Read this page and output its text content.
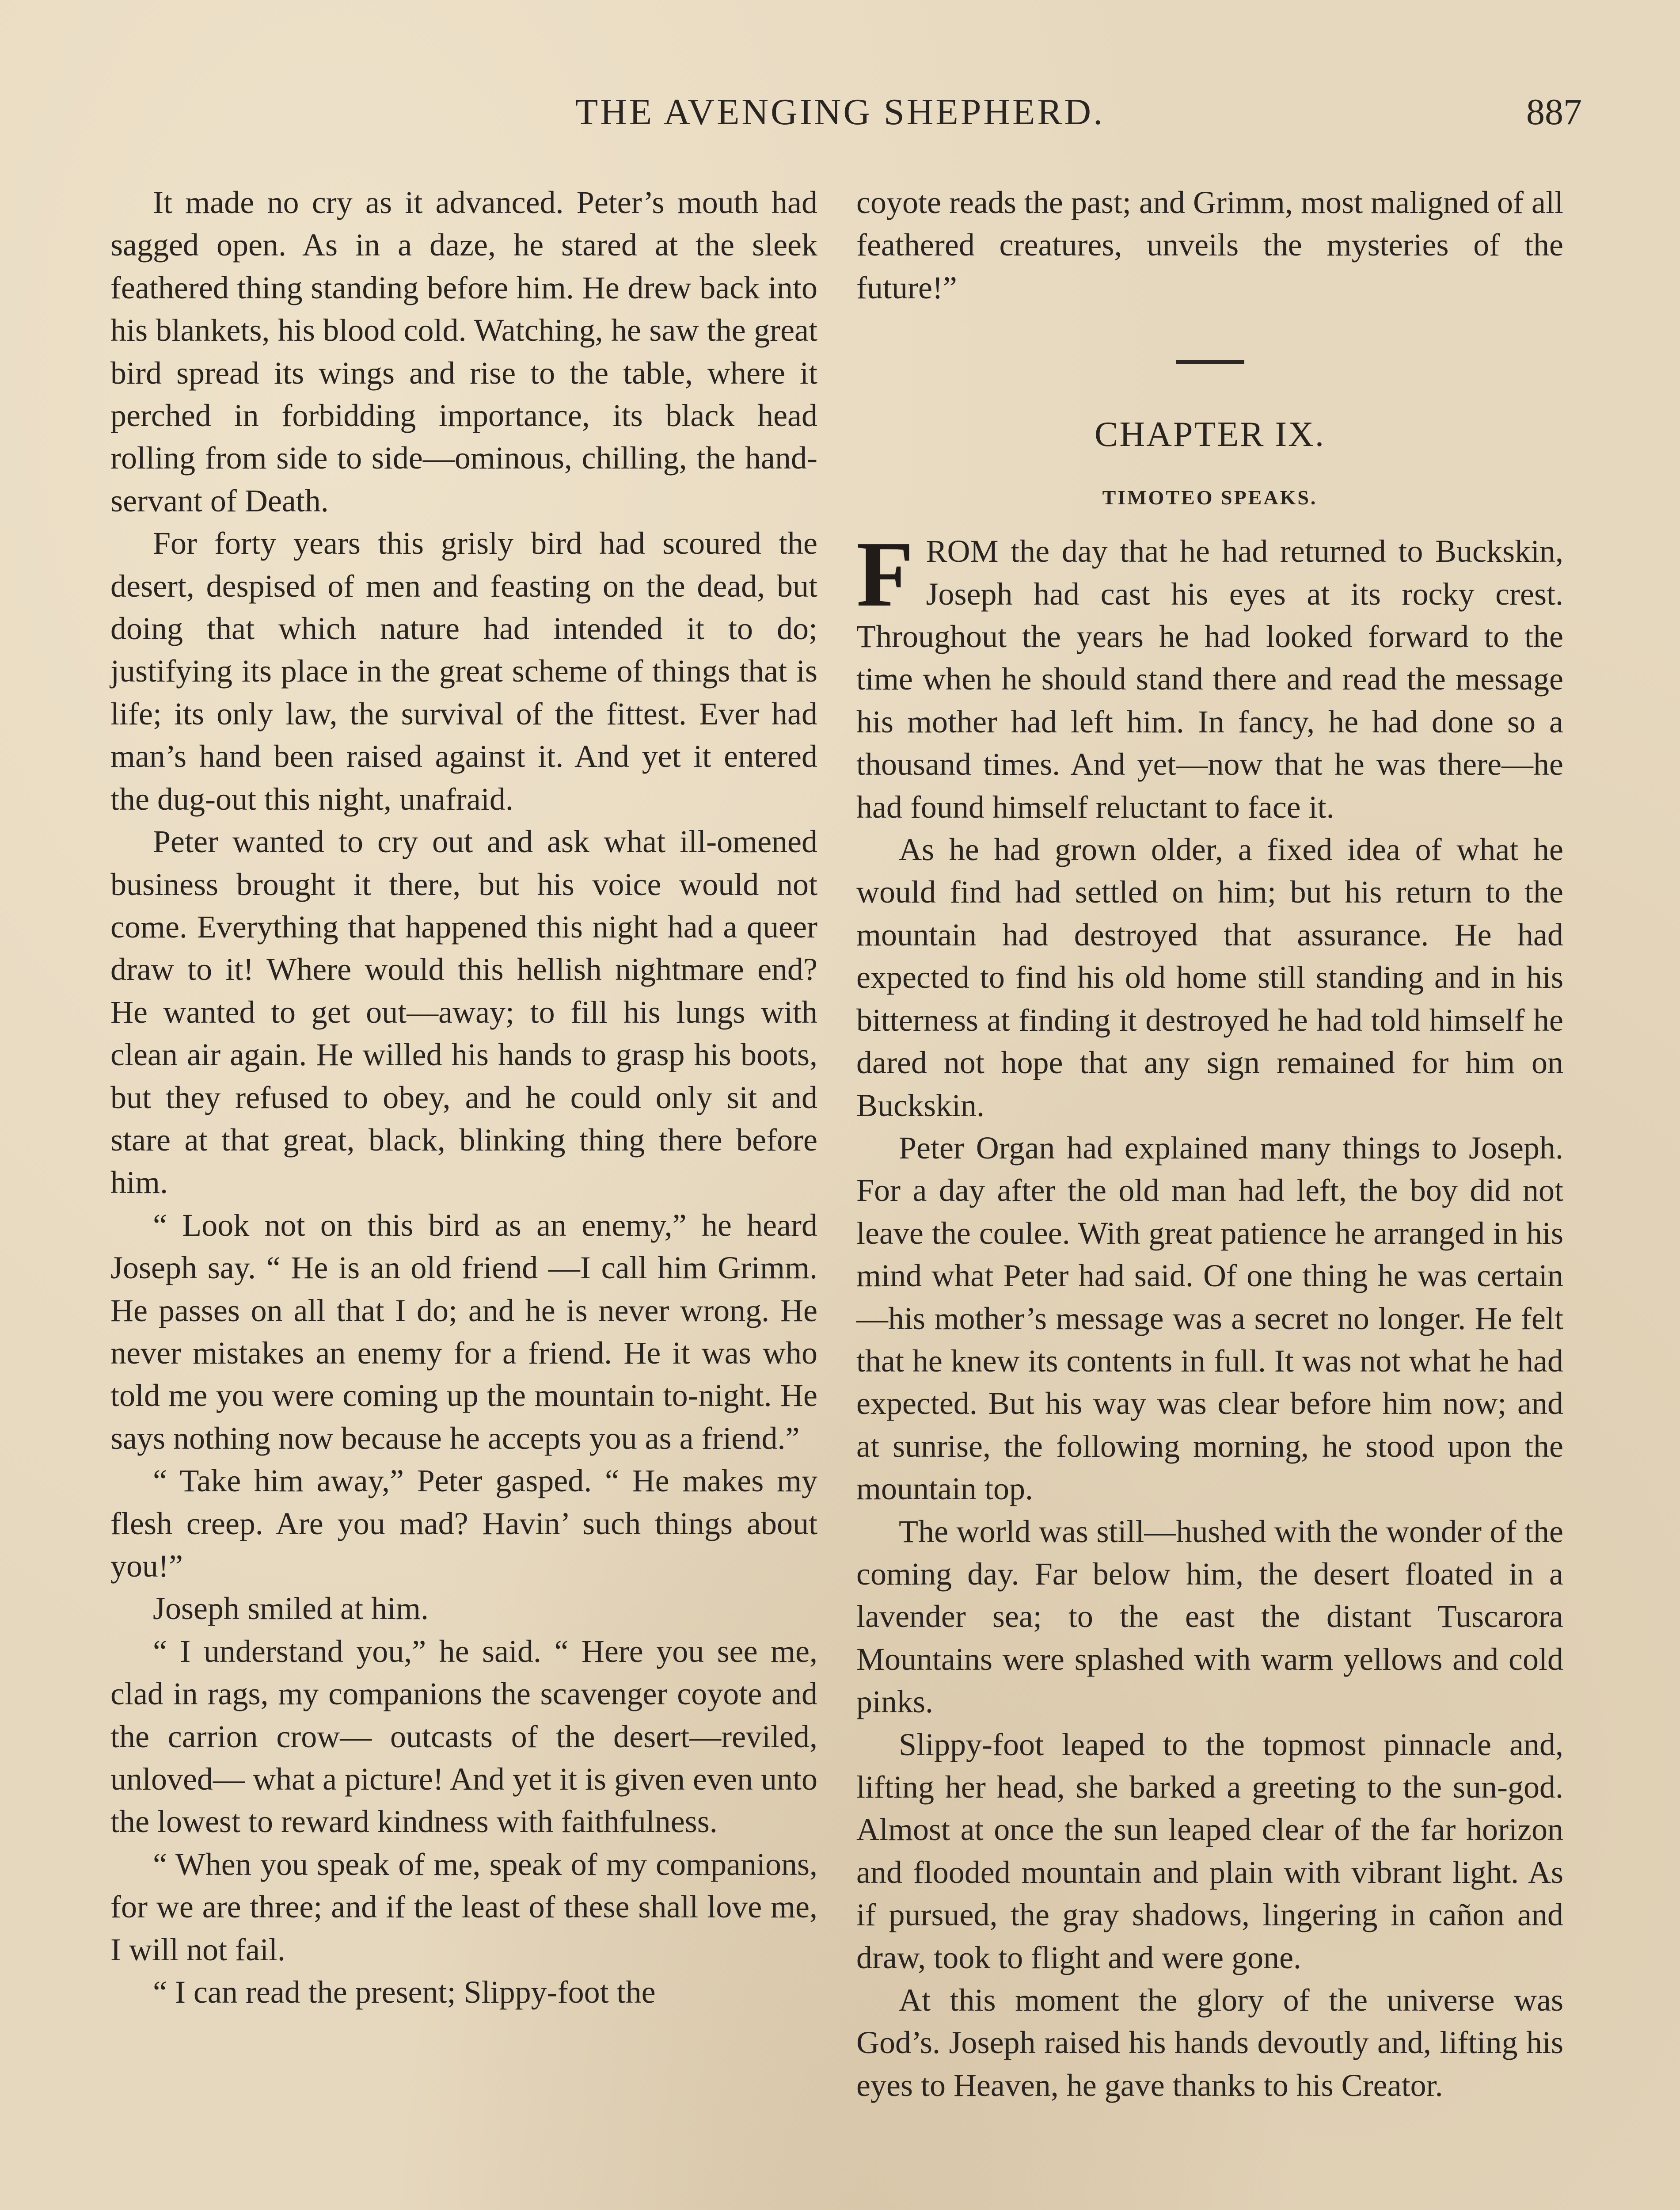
THE AVENGING SHEPHERD.	887

It made no cry as it advanced. Peter’s mouth had sagged open. As in a daze, he stared at the sleek feathered thing standing before him. He drew back into his blankets, his blood cold. Watching, he saw the great bird spread its wings and rise to the table, where it perched in forbidding importance, its black head rolling from side to side—ominous, chilling, the hand-servant of Death.

For forty years this grisly bird had scoured the desert, despised of men and feasting on the dead, but doing that which nature had intended it to do; justifying its place in the great scheme of things that is life; its only law, the survival of the fittest. Ever had man’s hand been raised against it. And yet it entered the dug-out this night, unafraid.

Peter wanted to cry out and ask what ill-omened business brought it there, but his voice would not come. Everything that happened this night had a queer draw to it! Where would this hellish nightmare end? He wanted to get out—away; to fill his lungs with clean air again. He willed his hands to grasp his boots, but they refused to obey, and he could only sit and stare at that great, black, blinking thing there before him.

“ Look not on this bird as an enemy,” he heard Joseph say. “ He is an old friend —I call him Grimm. He passes on all that I do; and he is never wrong. He never mistakes an enemy for a friend. He it was who told me you were coming up the mountain to-night. He says nothing now because he accepts you as a friend.”

“ Take him away,” Peter gasped. “ He makes my flesh creep. Are you mad? Havin’ such things about you!”

Joseph smiled at him.

“ I understand you,” he said. “ Here you see me, clad in rags, my companions the scavenger coyote and the carrion crow— outcasts of the desert—reviled, unloved— what a picture! And yet it is given even unto the lowest to reward kindness with faithfulness.

“ When you speak of me, speak of my companions, for we are three; and if the least of these shall love me, I will not fail.

“ I can read the present; Slippy-foot the

coyote reads the past; and Grimm, most maligned of all feathered creatures, unveils the mysteries of the future!”

CHAPTER IX.
TIMOTEO SPEAKS.

FROM the day that he had returned to Buckskin, Joseph had cast his eyes at its rocky crest. Throughout the years he had looked forward to the time when he should stand there and read the message his mother had left him. In fancy, he had done so a thousand times. And yet—now that he was there—he had found himself reluctant to face it.

As he had grown older, a fixed idea of what he would find had settled on him; but his return to the mountain had destroyed that assurance. He had expected to find his old home still standing and in his bitterness at finding it destroyed he had told himself he dared not hope that any sign remained for him on Buckskin.

Peter Organ had explained many things to Joseph. For a day after the old man had left, the boy did not leave the coulee. With great patience he arranged in his mind what Peter had said. Of one thing he was certain—his mother’s message was a secret no longer. He felt that he knew its contents in full. It was not what he had expected. But his way was clear before him now; and at sunrise, the following morning, he stood upon the mountain top.

The world was still—hushed with the wonder of the coming day. Far below him, the desert floated in a lavender sea; to the east the distant Tuscarora Mountains were splashed with warm yellows and cold pinks.

Slippy-foot leaped to the topmost pinnacle and, lifting her head, she barked a greeting to the sun-god. Almost at once the sun leaped clear of the far horizon and flooded mountain and plain with vibrant light. As if pursued, the gray shadows, lingering in cañon and draw, took to flight and were gone.

At this moment the glory of the universe was God’s. Joseph raised his hands devoutly and, lifting his eyes to Heaven, he gave thanks to his Creator.
